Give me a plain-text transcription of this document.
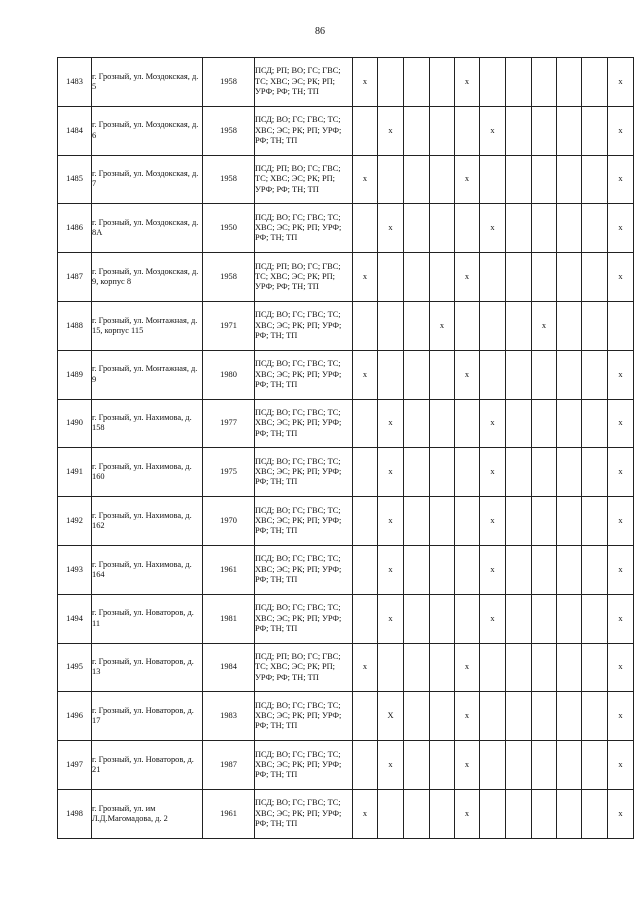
86
1483	г. Грозный, ул. Моздокская, д. 5	1958	ПСД; РП; ВО; ГС; ГВС; ТС; ХВС; ЭС; РК; РП; УРФ; РФ; ТН; ТП	x				x						x
1484	г. Грозный, ул. Моздокская, д. 6	1958	ПСД; ВО; ГС; ГВС; ТС; ХВС; ЭС; РК; РП; УРФ; РФ; ТН; ТП		x				x					x
1485	г. Грозный, ул. Моздокская, д. 7	1958	ПСД; РП; ВО; ГС; ГВС; ТС; ХВС; ЭС; РК; РП; УРФ; РФ; ТН; ТП	x				x						x
1486	г. Грозный, ул. Моздокская, д. 8А	1950	ПСД; ВО; ГС; ГВС; ТС; ХВС; ЭС; РК; РП; УРФ; РФ; ТН; ТП		x				x					x
1487	г. Грозный, ул. Моздокская, д. 9, корпус 8	1958	ПСД; РП; ВО; ГС; ГВС; ТС; ХВС; ЭС; РК; РП; УРФ; РФ; ТН; ТП	x				x						x
1488	г. Грозный, ул. Монтажная, д. 15, корпус 115	1971	ПСД; ВО; ГС; ГВС; ТС; ХВС; ЭС; РК; РП; УРФ; РФ; ТН; ТП				x				x			
1489	г. Грозный, ул. Монтажная, д. 9	1980	ПСД; ВО; ГС; ГВС; ТС; ХВС; ЭС; РК; РП; УРФ; РФ; ТН; ТП	x				x						x
1490	г. Грозный, ул. Нахимова, д. 158	1977	ПСД; ВО; ГС; ГВС; ТС; ХВС; ЭС; РК; РП; УРФ; РФ; ТН; ТП		x				x					x
1491	г. Грозный, ул. Нахимова, д. 160	1975	ПСД; ВО; ГС; ГВС; ТС; ХВС; ЭС; РК; РП; УРФ; РФ; ТН; ТП		x				x					x
1492	г. Грозный, ул. Нахимова, д. 162	1970	ПСД; ВО; ГС; ГВС; ТС; ХВС; ЭС; РК; РП; УРФ; РФ; ТН; ТП		x				x					x
1493	г. Грозный, ул. Нахимова, д. 164	1961	ПСД; ВО; ГС; ГВС; ТС; ХВС; ЭС; РК; РП; УРФ; РФ; ТН; ТП		x				x					x
1494	г. Грозный, ул. Новаторов, д. 11	1981	ПСД; ВО; ГС; ГВС; ТС; ХВС; ЭС; РК; РП; УРФ; РФ; ТН; ТП		x				x					x
1495	г. Грозный, ул. Новаторов, д. 13	1984	ПСД; РП; ВО; ГС; ГВС; ТС; ХВС; ЭС; РК; РП; УРФ; РФ; ТН; ТП	x				x						x
1496	г. Грозный, ул. Новаторов, д. 17	1983	ПСД; ВО; ГС; ГВС; ТС; ХВС; ЭС; РК; РП; УРФ; РФ; ТН; ТП		X			x						x
1497	г. Грозный, ул. Новаторов, д. 21	1987	ПСД; ВО; ГС; ГВС; ТС; ХВС; ЭС; РК; РП; УРФ; РФ; ТН; ТП		x			x						x
1498	г. Грозный, ул. им Л.Д.Магомадова, д. 2	1961	ПСД; ВО; ГС; ГВС; ТС; ХВС; ЭС; РК; РП; УРФ; РФ; ТН; ТП	x				x						x
